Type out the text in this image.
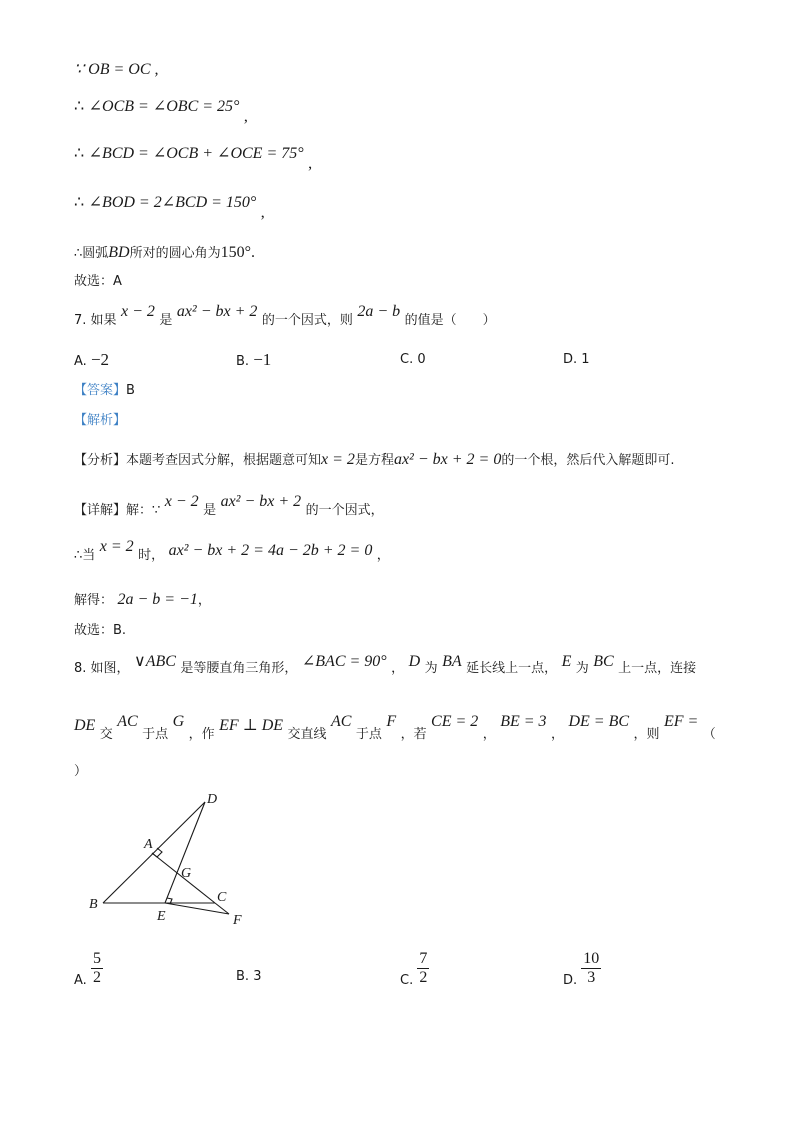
∵ OB = OC ,
∴ ∠OCB = ∠OBC = 25° ,
∴ ∠BCD = ∠OCB + ∠OCE = 75° ,
∴ ∠BOD = 2∠BCD = 150° ,
∴圆弧BD所对的圆心角为150°.
故选：A
7. 如果 x − 2 是 ax² − bx + 2 的一个因式，则 2a − b 的值是（　　）
A. −2	B. −1	C. 0	D. 1
【答案】B
【解析】
【分析】本题考查因式分解，根据题意可知x = 2是方程ax² − bx + 2 = 0的一个根，然后代入解题即可.
【详解】解：∵ x − 2 是 ax² − bx + 2 的一个因式，
∴当 x = 2 时， ax² − bx + 2 = 4a − 2b + 2 = 0 ，
解得： 2a − b = −1，
故选：B.
8. 如图， ∨ABC 是等腰直角三角形， ∠BAC = 90° ， D 为 BA 延长线上一点， E 为 BC 上一点，连接
DE 交 AC 于点 G ，作 EF ⊥ DE 交直线 AC 于点 F ，若 CE = 2 ， BE = 3 ， DE = BC ，则 EF = （
）
D
A
G
B	C
E	F
A. $\frac{5}{2}$	B. 3	C. $\frac{7}{2}$	D. $\frac{10}{3}$
